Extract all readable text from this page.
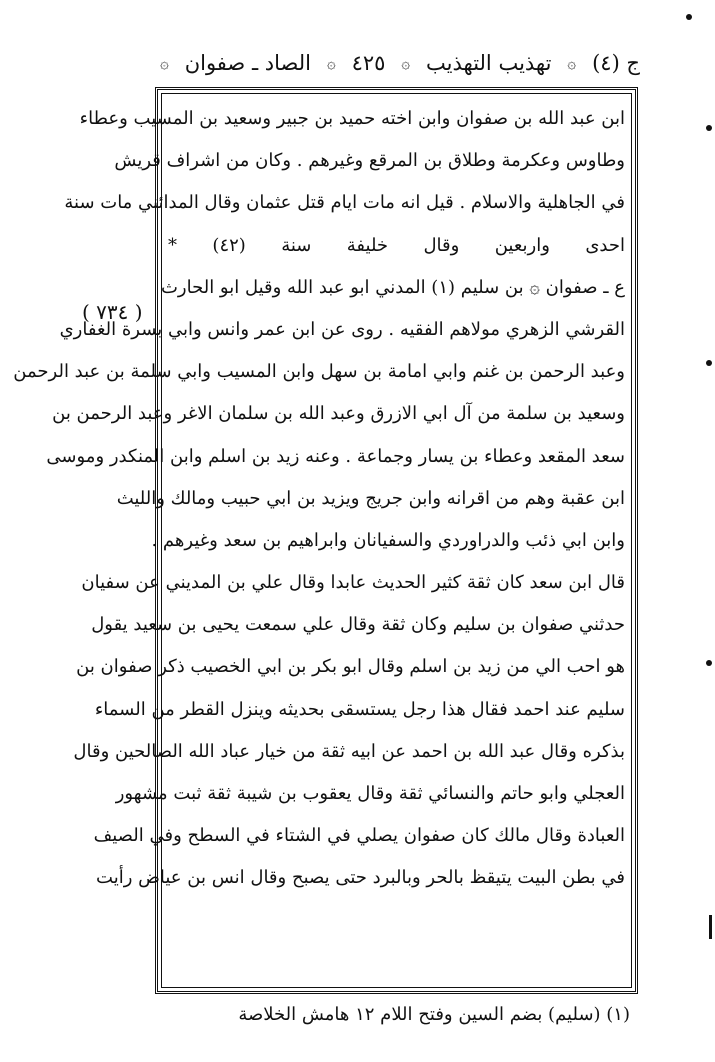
ج (٤)
۞
تهذيب التهذيب
۞
٤٢٥
۞
الصاد ـ صفوان
۞
( ٧٣٤ )
ابن عبد الله بن صفوان وابن اخته حميد بن جبير وسعيد بن المسيب وعطاء
وطاوس وعكرمة وطلاق بن المرقع وغيرهم . وكان من اشراف قريش
في الجاهلية والاسلام . قيل انه مات ايام قتل عثمان وقال المدائني مات سنة
احدى واربعين وقال خليفة سنة (٤٢) *
ع ـ صفوان ۞ بن سليم (١) المدني ابو عبد الله وقيل ابو الحارث
القرشي الزهري مولاهم الفقيه . روى عن ابن عمر وانس وابي بسرة الغفاري
وعبد الرحمن بن غنم وابي امامة بن سهل وابن المسيب وابي سلمة بن عبد الرحمن
وسعيد بن سلمة من آل ابي الازرق وعبد الله بن سلمان الاغر وعبد الرحمن بن
سعد المقعد وعطاء بن يسار وجماعة . وعنه زيد بن اسلم وابن المنكدر وموسى
ابن عقبة وهم من اقرانه وابن جريج ويزيد بن ابي حبيب ومالك والليث
وابن ابي ذئب والدراوردي والسفيانان وابراهيم بن سعد وغيرهم .
قال ابن سعد كان ثقة كثير الحديث عابدا وقال علي بن المديني عن سفيان
حدثني صفوان بن سليم وكان ثقة وقال علي سمعت يحيى بن سعيد يقول
هو احب الي من زيد بن اسلم وقال ابو بكر بن ابي الخصيب ذكر صفوان بن
سليم عند احمد فقال هذا رجل يستسقى بحديثه وينزل القطر من السماء
بذكره وقال عبد الله بن احمد عن ابيه ثقة من خيار عباد الله الصالحين وقال
العجلي وابو حاتم والنسائي ثقة وقال يعقوب بن شيبة ثقة ثبت مشهور
العبادة وقال مالك كان صفوان يصلي في الشتاء في السطح وفي الصيف
في بطن البيت يتيقظ بالحر وبالبرد حتى يصبح وقال انس بن عياض رأيت
(١) (سليم) بضم السين وفتح اللام ١٢ هامش الخلاصة
